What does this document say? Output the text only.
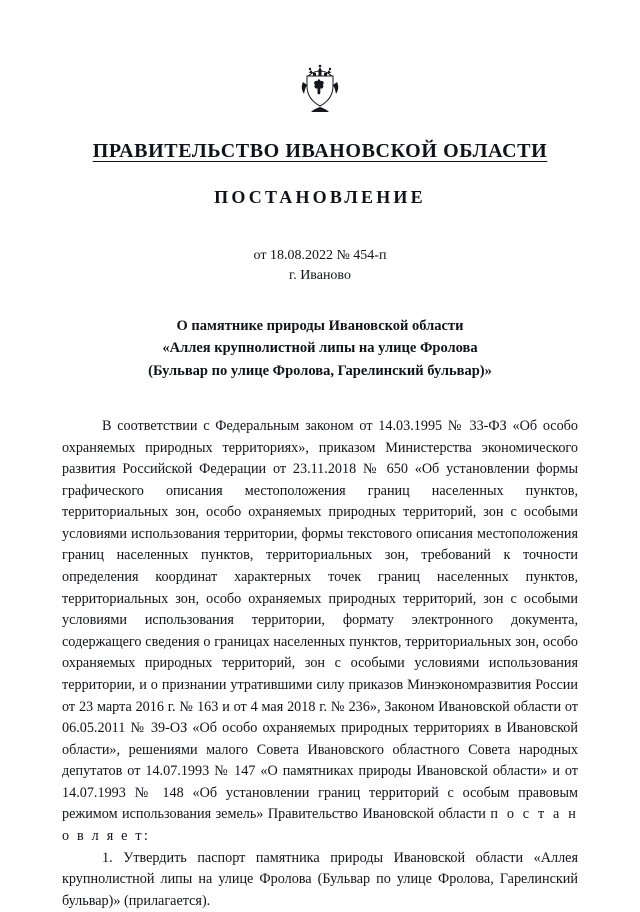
ПРАВИТЕЛЬСТВО ИВАНОВСКОЙ ОБЛАСТИ
ПОСТАНОВЛЕНИЕ
от 18.08.2022 № 454-п
г. Иваново
О памятнике природы Ивановской области
«Аллея крупнолистной липы на улице Фролова
(Бульвар по улице Фролова, Гарелинский бульвар)»

В соответствии с Федеральным законом от 14.03.1995 № 33-ФЗ «Об особо охраняемых природных территориях», приказом Министерства экономического развития Российской Федерации от 23.11.2018 № 650 «Об установлении формы графического описания местоположения границ населенных пунктов, территориальных зон, особо охраняемых природных территорий, зон с особыми условиями использования территории, формы текстового описания местоположения границ населенных пунктов, территориальных зон, требований к точности определения координат характерных точек границ населенных пунктов, территориальных зон, особо охраняемых природных территорий, зон с особыми условиями использования территории, формату электронного документа, содержащего сведения о границах населенных пунктов, территориальных зон, особо охраняемых природных территорий, зон с особыми условиями использования территории, и о признании утратившими силу приказов Минэкономразвития России от 23 марта 2016 г. № 163 и от 4 мая 2018 г. № 236», Законом Ивановской области от 06.05.2011 № 39-ОЗ «Об особо охраняемых природных территориях в Ивановской области», решениями малого Совета Ивановского областного Совета народных депутатов от 14.07.1993 № 147 «О памятниках природы Ивановской области» и от 14.07.1993 № 148 «Об установлении границ территорий с особым правовым режимом использования земель» Правительство Ивановской области п о с т а н о в л я е т:

1. Утвердить паспорт памятника природы Ивановской области «Аллея крупнолистной липы на улице Фролова (Бульвар по улице Фролова, Гарелинский бульвар)» (прилагается).
